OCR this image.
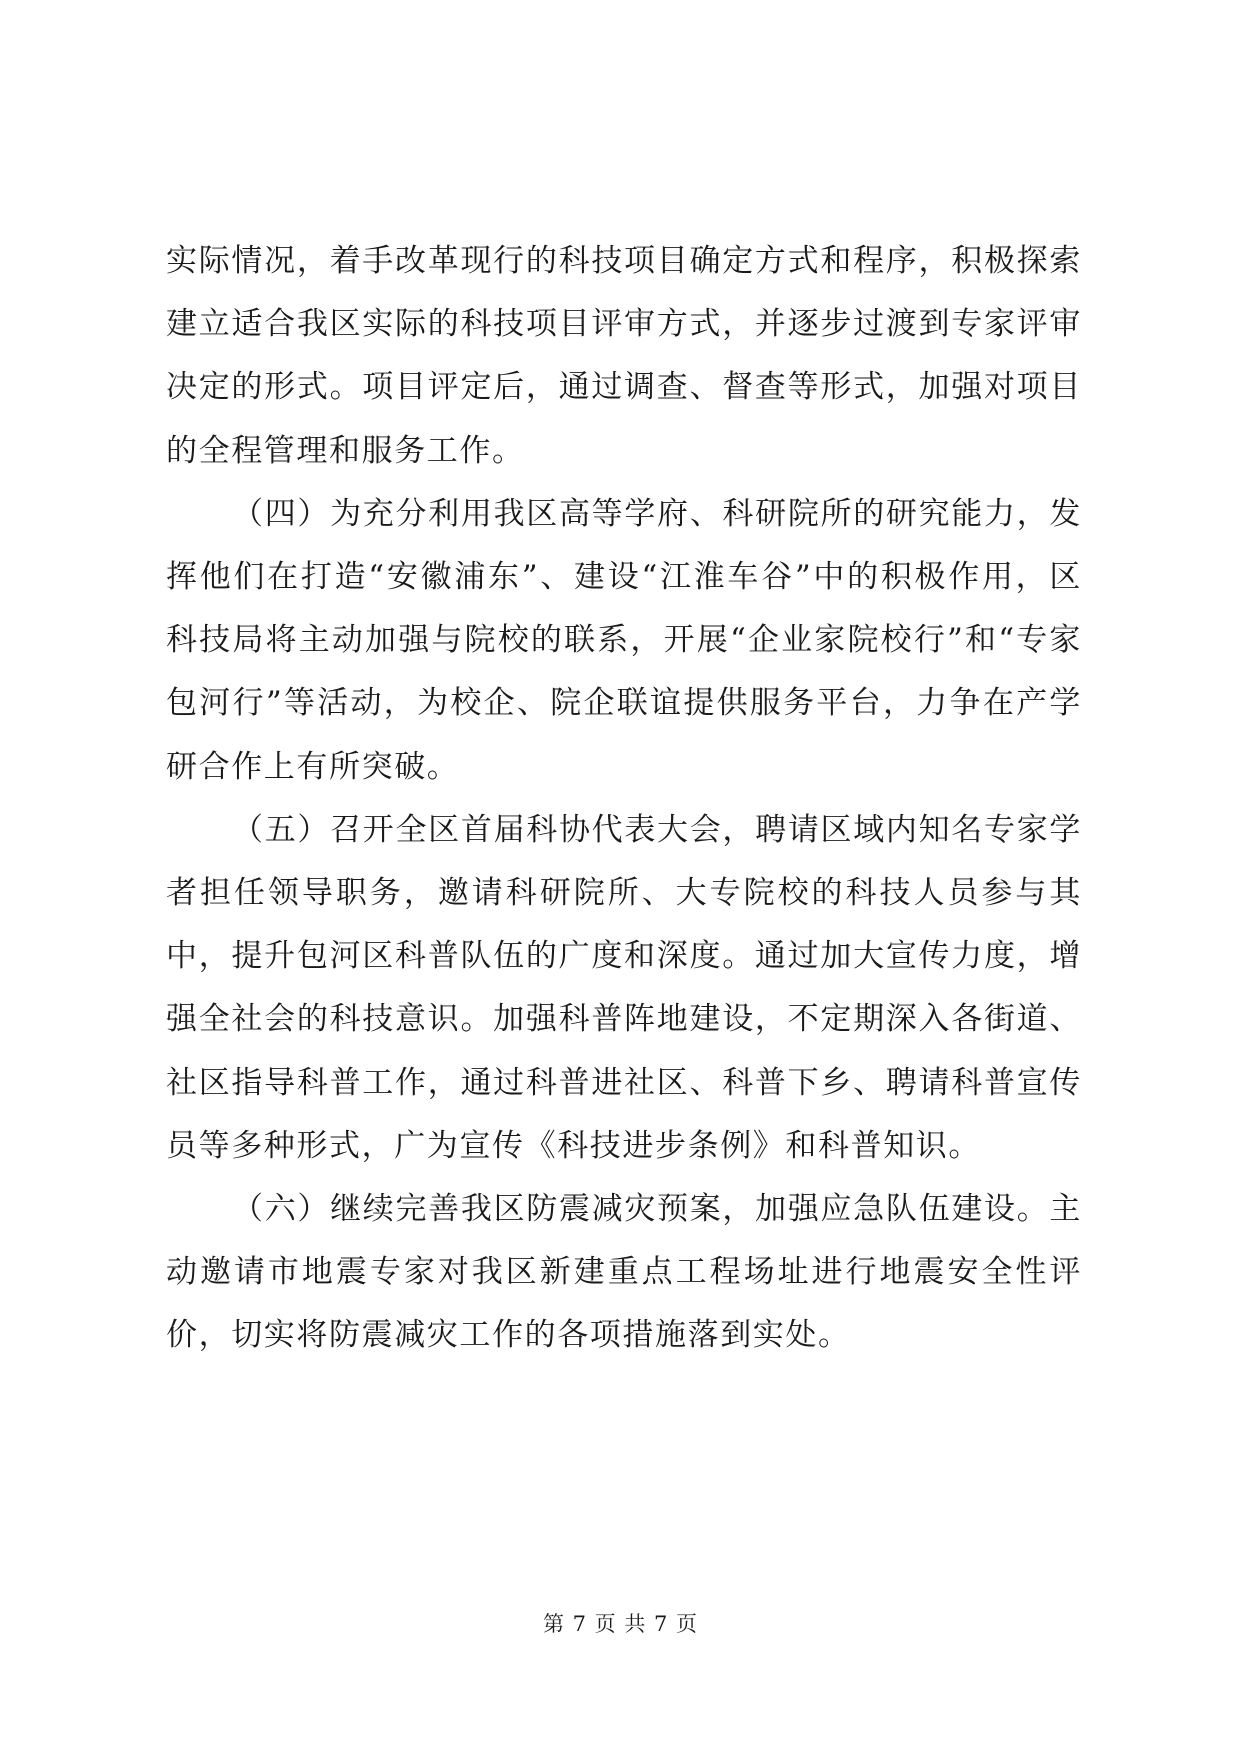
实际情况，着手改革现行的科技项目确定方式和程序，积极探索建立适合我区实际的科技项目评审方式，并逐步过渡到专家评审决定的形式。项目评定后，通过调查、督查等形式，加强对项目的全程管理和服务工作。

（四）为充分利用我区高等学府、科研院所的研究能力，发挥他们在打造“安徽浦东”、建设“江淮车谷”中的积极作用，区科技局将主动加强与院校的联系，开展“企业家院校行”和“专家包河行”等活动，为校企、院企联谊提供服务平台，力争在产学研合作上有所突破。

（五）召开全区首届科协代表大会，聘请区域内知名专家学者担任领导职务，邀请科研院所、大专院校的科技人员参与其中，提升包河区科普队伍的广度和深度。通过加大宣传力度，增强全社会的科技意识。加强科普阵地建设，不定期深入各街道、社区指导科普工作，通过科普进社区、科普下乡、聘请科普宣传员等多种形式，广为宣传《科技进步条例》和科普知识。

（六）继续完善我区防震减灾预案，加强应急队伍建设。主动邀请市地震专家对我区新建重点工程场址进行地震安全性评价，切实将防震减灾工作的各项措施落到实处。

第 7 页 共 7 页
